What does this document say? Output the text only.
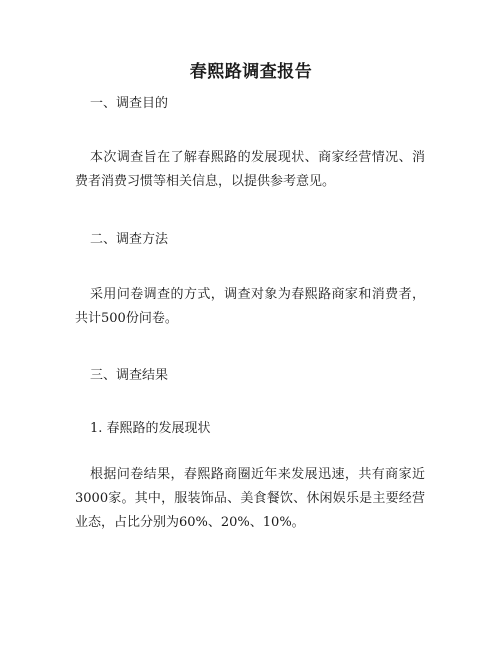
春熙路调查报告
一、调查目的
本次调查旨在了解春熙路的发展现状、商家经营情况、消费者消费习惯等相关信息，以提供参考意见。
二、调查方法
采用问卷调查的方式，调查对象为春熙路商家和消费者，共计500份问卷。
三、调查结果
1. 春熙路的发展现状
根据问卷结果，春熙路商圈近年来发展迅速，共有商家近3000家。其中，服装饰品、美食餐饮、休闲娱乐是主要经营业态，占比分别为60%、20%、10%。
